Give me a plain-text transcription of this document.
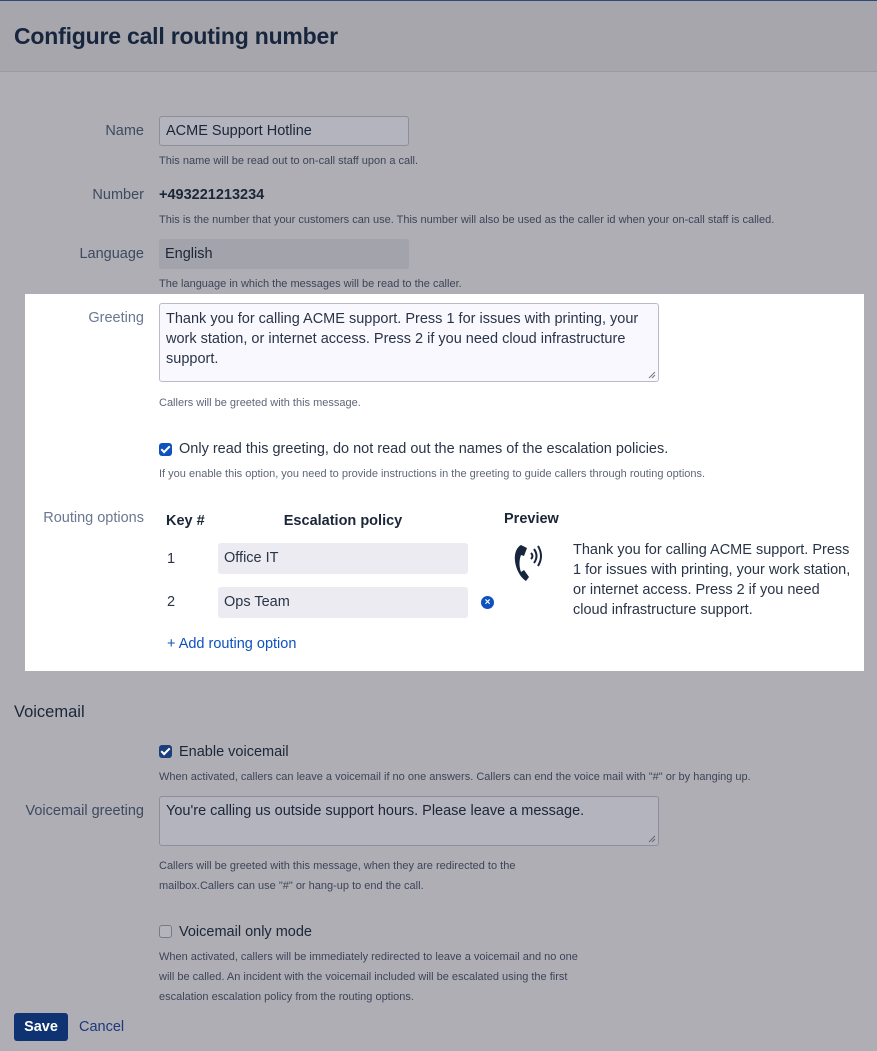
Configure call routing number
Name	ACME Support Hotline
This name will be read out to on-call staff upon a call.
Number +493221213234
This is the number that your customers can use. This number will also be used as the caller id when your on-call staff is called.
Language	English
The language in which the messages will be read to the caller.
Greeting	Thank you for calling ACME support. Press 1 for issues with printing, your work station, or internet access. Press 2 if you need cloud infrastructure support.
Callers will be greeted with this message.
Only read this greeting, do not read out the names of the escalation policies.
If you enable this option, you need to provide instructions in the greeting to guide callers through routing options.
Routing options Key #	Escalation policy
1	Office IT
2	Ops Team	×
+ Add routing option
Preview
Thank you for calling ACME support. Press 1 for issues with printing, your work station, or internet access. Press 2 if you need cloud infrastructure support.
Voicemail
Enable voicemail
When activated, callers can leave a voicemail if no one answers. Callers can end the voice mail with "#" or by hanging up.
Voicemail greeting	You're calling us outside support hours. Please leave a message.
Callers will be greeted with this message, when they are redirected to the
mailbox.Callers can use "#" or hang-up to end the call.
Voicemail only mode
When activated, callers will be immediately redirected to leave a voicemail and no one
will be called. An incident with the voicemail included will be escalated using the first
escalation escalation policy from the routing options.
Save	Cancel
